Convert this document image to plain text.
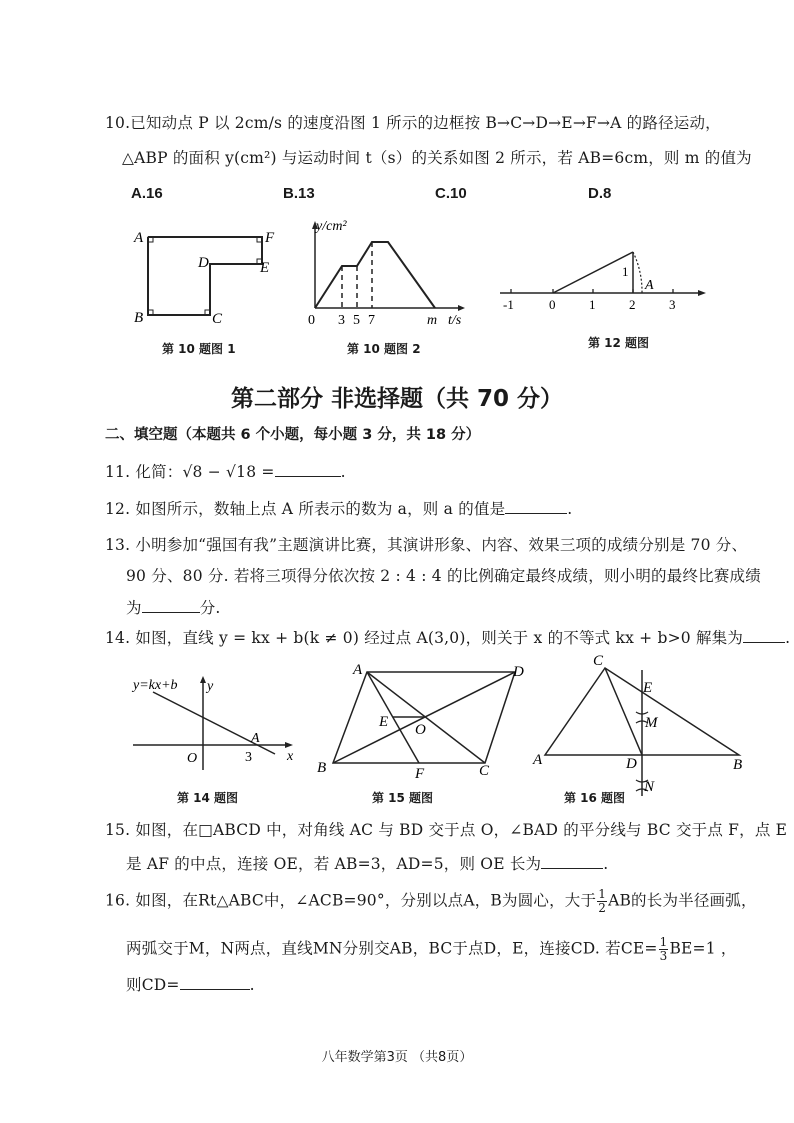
10.已知动点 P 以 2cm/s 的速度沿图 1 所示的边框按 B→C→D→E→F→A 的路径运动，
△ABP 的面积 y(cm²) 与运动时间 t（s）的关系如图 2 所示，若 AB=6cm，则 m 的值为
A.16	B.13	C.10	D.8
A	F
D	E
B	C
第 10 题图 1
y/cm²
0 3 5 7	m t/s
第 10 题图 2
1
A
-1	0	1	2	3
第 12 题图
第二部分 非选择题（共 70 分）
二、填空题（本题共 6 个小题，每小题 3 分，共 18 分）
11. 化简：√8 − √18 =	.
12. 如图所示，数轴上点 A 所表示的数为 a，则 a 的值是	.
13. 小明参加“强国有我”主题演讲比赛，其演讲形象、内容、效果三项的成绩分别是 70 分、
90 分、80 分. 若将三项得分依次按 2 : 4 : 4 的比例确定最终成绩，则小明的最终比赛成绩
为	分.
14. 如图，直线 y = kx + b(k ≠ 0) 经过点 A(3,0)，则关于 x 的不等式 kx + b>0 解集为	.
y=kx+b y
O
A
3	x
第 14 题图
A	D
E O
B	F	C
第 15 题图
C
E
M
A	D	B
N
第 16 题图
15. 如图，在□ABCD 中，对角线 AC 与 BD 交于点 O，∠BAD 的平分线与 BC 交于点 F，点 E
是 AF 的中点，连接 OE，若 AB=3，AD=5，则 OE 长为	.
16. 如图，在Rt△ABC中，∠ACB=90°，分别以点A，B为圆心，大于 $\frac{1}{2}$ AB的长为半径画弧，
两弧交于M，N两点，直线MN分别交AB，BC于点D，E，连接CD. 若$CE= \frac{1}{3} BE=1$ ，
则CD=	.
八年数学第3页 （共8页）
